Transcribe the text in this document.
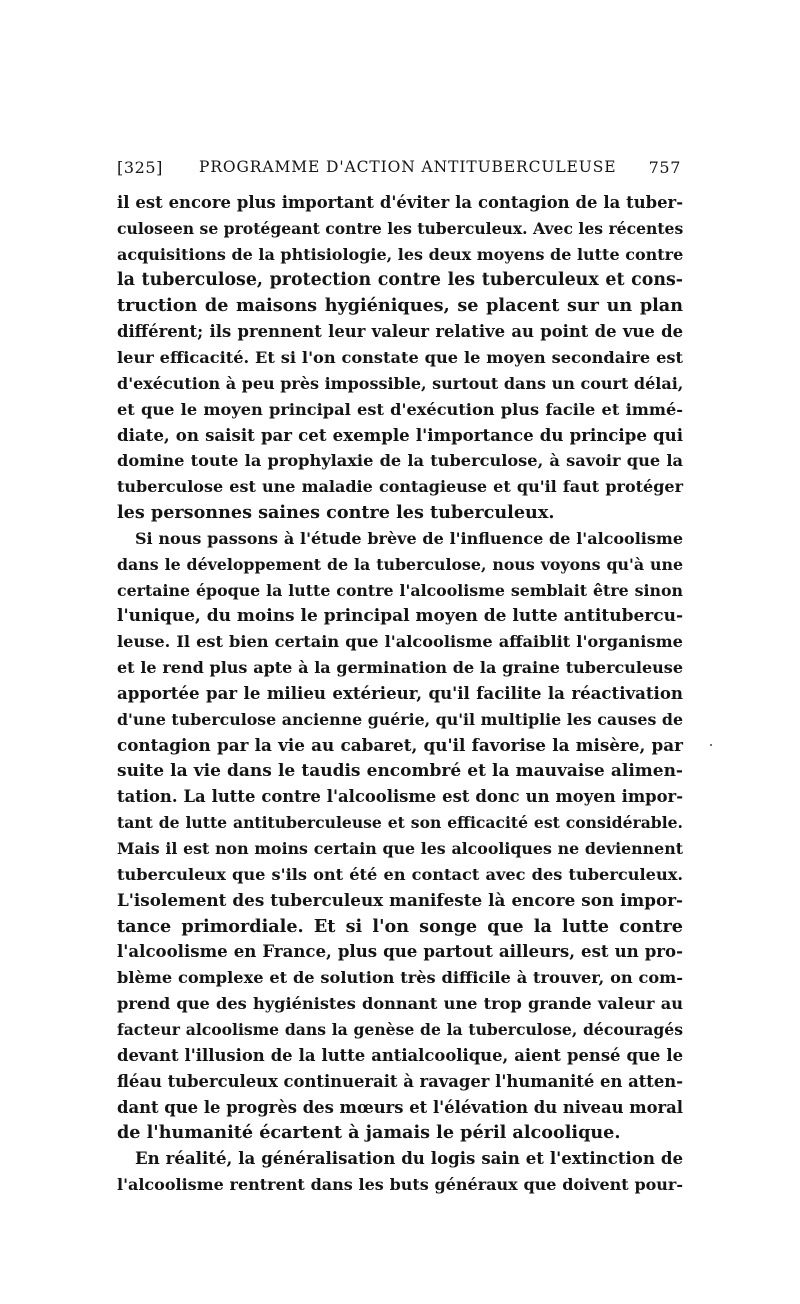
[325] PROGRAMME D'ACTION ANTITUBERCULEUSE 757
il est encore plus important d'éviter la contagion de la tuber-
culoseen se protégeant contre les tuberculeux. Avec les récentes
acquisitions de la phtisiologie, les deux moyens de lutte contre
la tuberculose, protection contre les tuberculeux et cons-
truction de maisons hygiéniques, se placent sur un plan
différent; ils prennent leur valeur relative au point de vue de
leur efficacité. Et si l'on constate que le moyen secondaire est
d'exécution à peu près impossible, surtout dans un court délai,
et que le moyen principal est d'exécution plus facile et immé-
diate, on saisit par cet exemple l'importance du principe qui
domine toute la prophylaxie de la tuberculose, à savoir que la
tuberculose est une maladie contagieuse et qu'il faut protéger
les personnes saines contre les tuberculeux.
Si nous passons à l'étude brève de l'influence de l'alcoolisme
dans le développement de la tuberculose, nous voyons qu'à une
certaine époque la lutte contre l'alcoolisme semblait être sinon
l'unique, du moins le principal moyen de lutte antitubercu-
leuse. Il est bien certain que l'alcoolisme affaiblit l'organisme
et le rend plus apte à la germination de la graine tuberculeuse
apportée par le milieu extérieur, qu'il facilite la réactivation
d'une tuberculose ancienne guérie, qu'il multiplie les causes de
contagion par la vie au cabaret, qu'il favorise la misère, par
suite la vie dans le taudis encombré et la mauvaise alimen-
tation. La lutte contre l'alcoolisme est donc un moyen impor-
tant de lutte antituberculeuse et son efficacité est considérable.
Mais il est non moins certain que les alcooliques ne deviennent
tuberculeux que s'ils ont été en contact avec des tuberculeux.
L'isolement des tuberculeux manifeste là encore son impor-
tance primordiale. Et si l'on songe que la lutte contre
l'alcoolisme en France, plus que partout ailleurs, est un pro-
blème complexe et de solution très difficile à trouver, on com-
prend que des hygiénistes donnant une trop grande valeur au
facteur alcoolisme dans la genèse de la tuberculose, découragés
devant l'illusion de la lutte antialcoolique, aient pensé que le
fléau tuberculeux continuerait à ravager l'humanité en atten-
dant que le progrès des mœurs et l'élévation du niveau moral
de l'humanité écartent à jamais le péril alcoolique.
En réalité, la généralisation du logis sain et l'extinction de
l'alcoolisme rentrent dans les buts généraux que doivent pour-
